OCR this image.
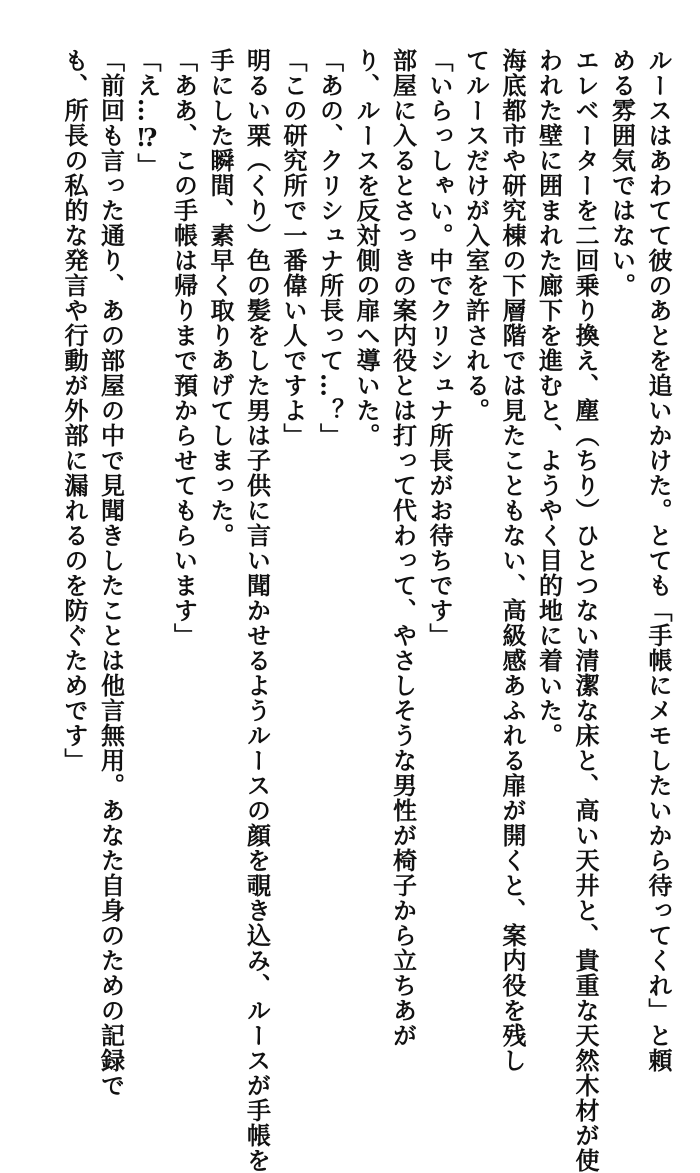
ルースはあわてて彼のあとを追いかけた。とても「手帳にメモしたいから待ってくれ」と頼
める雰囲気ではない。
エレベーターを二回乗り換え、塵（ちり）ひとつない清潔な床と、高い天井と、貴重な天然木材が使
われた壁に囲まれた廊下を進むと、ようやく目的地に着いた。
海底都市や研究棟の下層階では見たこともない、高級感あふれる扉が開くと、案内役を残し
てルースだけが入室を許される。
「いらっしゃい。中でクリシュナ所長がお待ちです」
部屋に入るとさっきの案内役とは打って代わって、やさしそうな男性が椅子から立ちあが
り、ルースを反対側の扉へ導いた。
「あの、クリシュナ所長って…？」
「この研究所で一番偉い人ですよ」
明るい栗（くり）色の髪をした男は子供に言い聞かせるようルースの顔を覗き込み、ルースが手帳を
手にした瞬間、素早く取りあげてしまった。
「ああ、この手帳は帰りまで預からせてもらいます」
「え…⁉」
「前回も言った通り、あの部屋の中で見聞きしたことは他言無用。あなた自身のための記録で
も、所長の私的な発言や行動が外部に漏れるのを防ぐためです」
